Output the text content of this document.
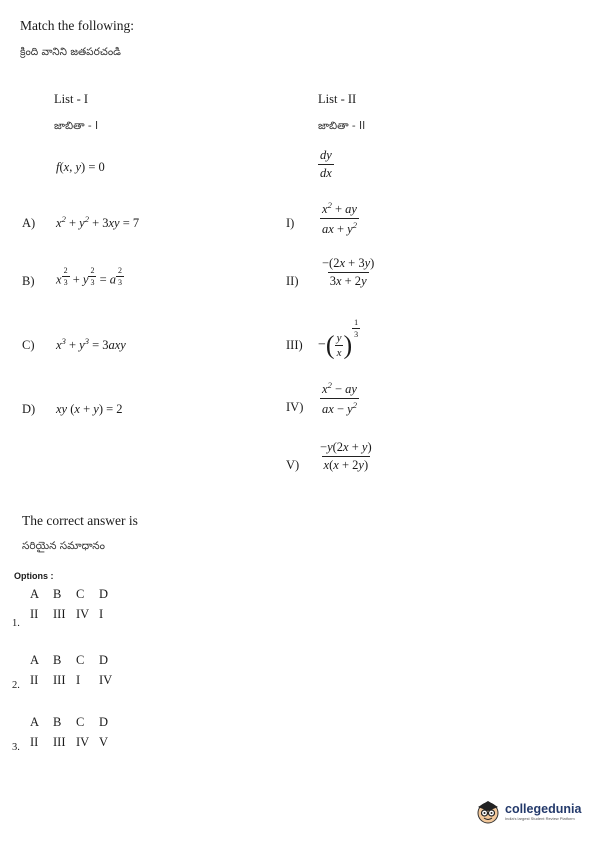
Match the following:
క్రింది వానిని జతపరచండి
List - I
జాబితా - I
List - II
జాబితా - II
f(x, y) = 0	$\frac{dy}{dx}$
A) $x^2 + y^2 + 3xy = 7$
B) x $^{\frac{2}{3}}$ + y $^{\frac{2}{3}}$ = a $^{\frac{2}{3}}$
C) $x^3 + y^3 = 3axy$
D) xy (x + y) = 2
$I) \frac{x^2 + ay}{ax + y^2}$
$II) \frac{-(2x + 3y)}{3x + 2y}$
III) −( $\frac{y}{x}$ )
$^{\frac{1}{3}}$
$IV) \frac{x^2 - ay}{ax - y^2}$
$V) \frac{-y(2x + y)}{x(x + 2y)}$
The correct answer is
సరియైన సమాధానం
Options :
A	B	C	D
II	III	IV	I
1.
A	B	C	D
II	III	I	IV
2.
A	B	C	D
II	III	IV	V
3.
collegedunia
India's largest Student Review Platform
